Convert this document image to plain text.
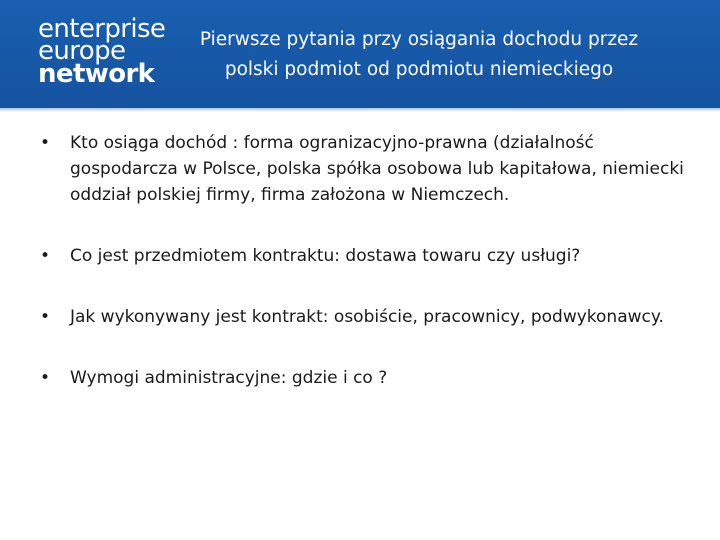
enterprise
europe
network
Pierwsze pytania przy osiągania dochodu przez
polski podmiot od podmiotu niemieckiego
• Kto osiąga dochód : forma ogranizacyjno-prawna (działalność gospodarcza w Polsce, polska spółka osobowa lub kapitałowa, niemiecki oddział polskiej firmy, firma założona w Niemczech.
• Co jest przedmiotem kontraktu: dostawa towaru czy usługi?
• Jak wykonywany jest kontrakt: osobiście, pracownicy, podwykonawcy.
• Wymogi administracyjne: gdzie i co ?
